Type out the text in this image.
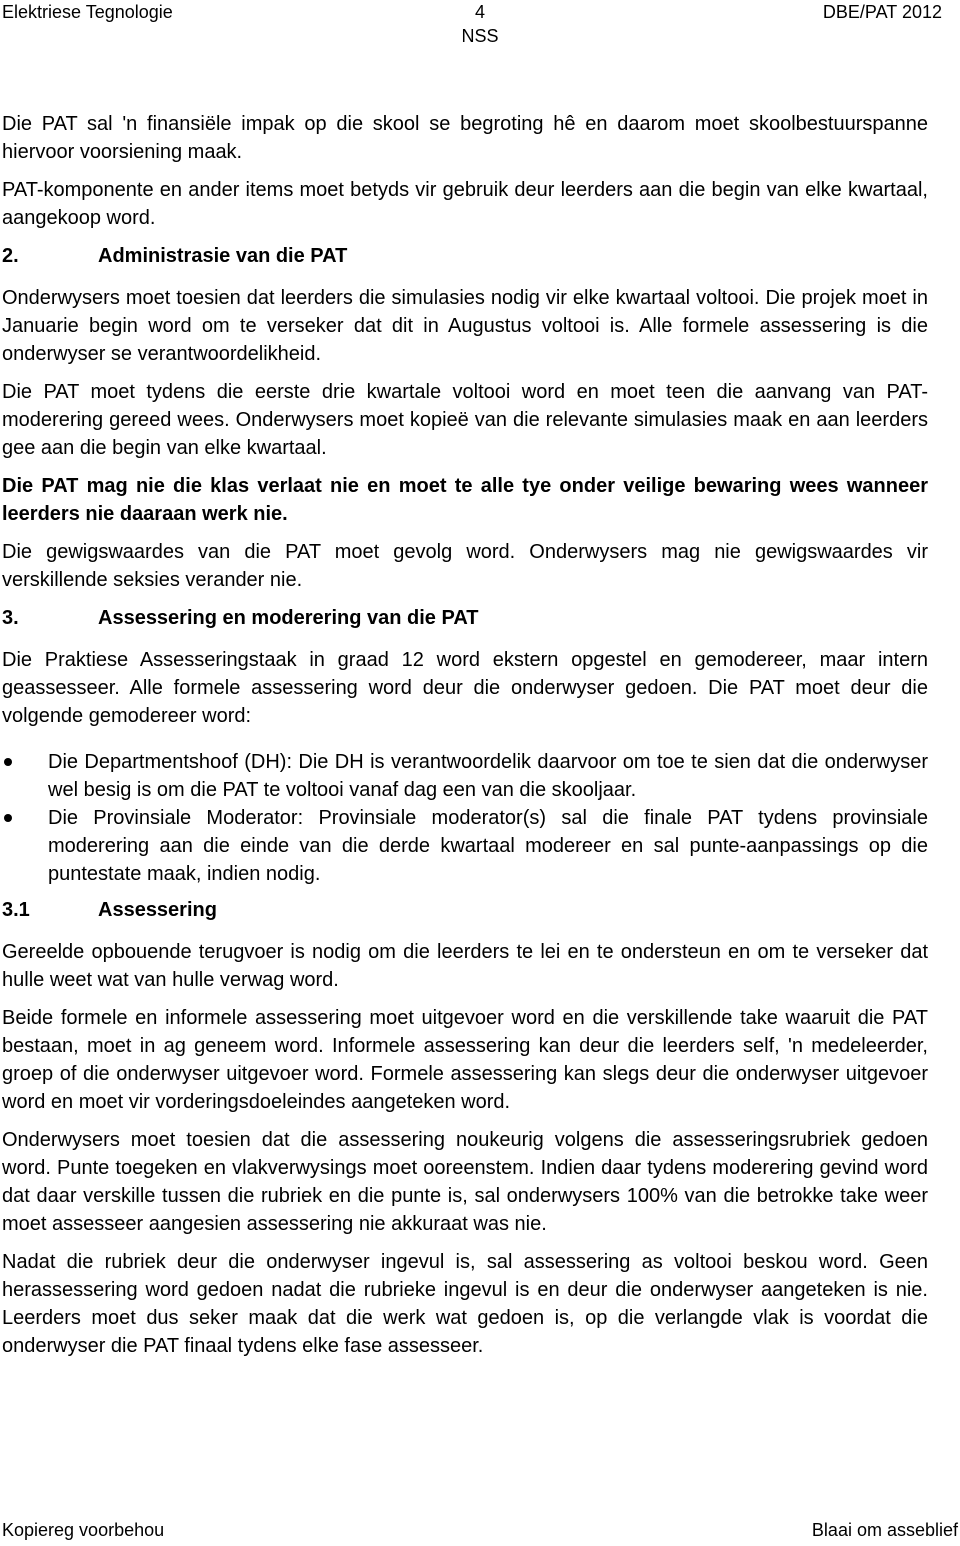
Elektriese Tegnologie	4
NSS
DBE/PAT 2012

Die PAT sal 'n finansiële impak op die skool se begroting hê en daarom moet skoolbestuurspanne hiervoor voorsiening maak.

PAT-komponente en ander items moet betyds vir gebruik deur leerders aan die begin van elke kwartaal, aangekoop word.

2.	Administrasie van die PAT

Onderwysers moet toesien dat leerders die simulasies nodig vir elke kwartaal voltooi. Die projek moet in Januarie begin word om te verseker dat dit in Augustus voltooi is. Alle formele assessering is die onderwyser se verantwoordelikheid.

Die PAT moet tydens die eerste drie kwartale voltooi word en moet teen die aanvang van PAT-moderering gereed wees. Onderwysers moet kopieë van die relevante simulasies maak en aan leerders gee aan die begin van elke kwartaal.

Die PAT mag nie die klas verlaat nie en moet te alle tye onder veilige bewaring wees wanneer leerders nie daaraan werk nie.

Die gewigswaardes van die PAT moet gevolg word. Onderwysers mag nie gewigswaardes vir verskillende seksies verander nie.

3.	Assessering en moderering van die PAT

Die Praktiese Assesseringstaak in graad 12 word ekstern opgestel en gemodereer, maar intern geassesseer. Alle formele assessering word deur die onderwyser gedoen. Die PAT moet deur die volgende gemodereer word:

Die Departmentshoof (DH): Die DH is verantwoordelik daarvoor om toe te sien dat die onderwyser wel besig is om die PAT te voltooi vanaf dag een van die skooljaar.
Die Provinsiale Moderator: Provinsiale moderator(s) sal die finale PAT tydens provinsiale moderering aan die einde van die derde kwartaal modereer en sal punte-aanpassings op die puntestate maak, indien nodig.
3.1	Assessering

Gereelde opbouende terugvoer is nodig om die leerders te lei en te ondersteun en om te verseker dat hulle weet wat van hulle verwag word.

Beide formele en informele assessering moet uitgevoer word en die verskillende take waaruit die PAT bestaan, moet in ag geneem word. Informele assessering kan deur die leerders self, 'n medeleerder, groep of die onderwyser uitgevoer word. Formele assessering kan slegs deur die onderwyser uitgevoer word en moet vir vorderingsdoeleindes aangeteken word.

Onderwysers moet toesien dat die assessering noukeurig volgens die assesseringsrubriek gedoen word. Punte toegeken en vlakverwysings moet ooreenstem. Indien daar tydens moderering gevind word dat daar verskille tussen die rubriek en die punte is, sal onderwysers 100% van die betrokke take weer moet assesseer aangesien assessering nie akkuraat was nie.

Nadat die rubriek deur die onderwyser ingevul is, sal assessering as voltooi beskou word. Geen herassessering word gedoen nadat die rubrieke ingevul is en deur die onderwyser aangeteken is nie. Leerders moet dus seker maak dat die werk wat gedoen is, op die verlangde vlak is voordat die onderwyser die PAT finaal tydens elke fase assesseer.

Kopiereg voorbehou	Blaai om asseblief
